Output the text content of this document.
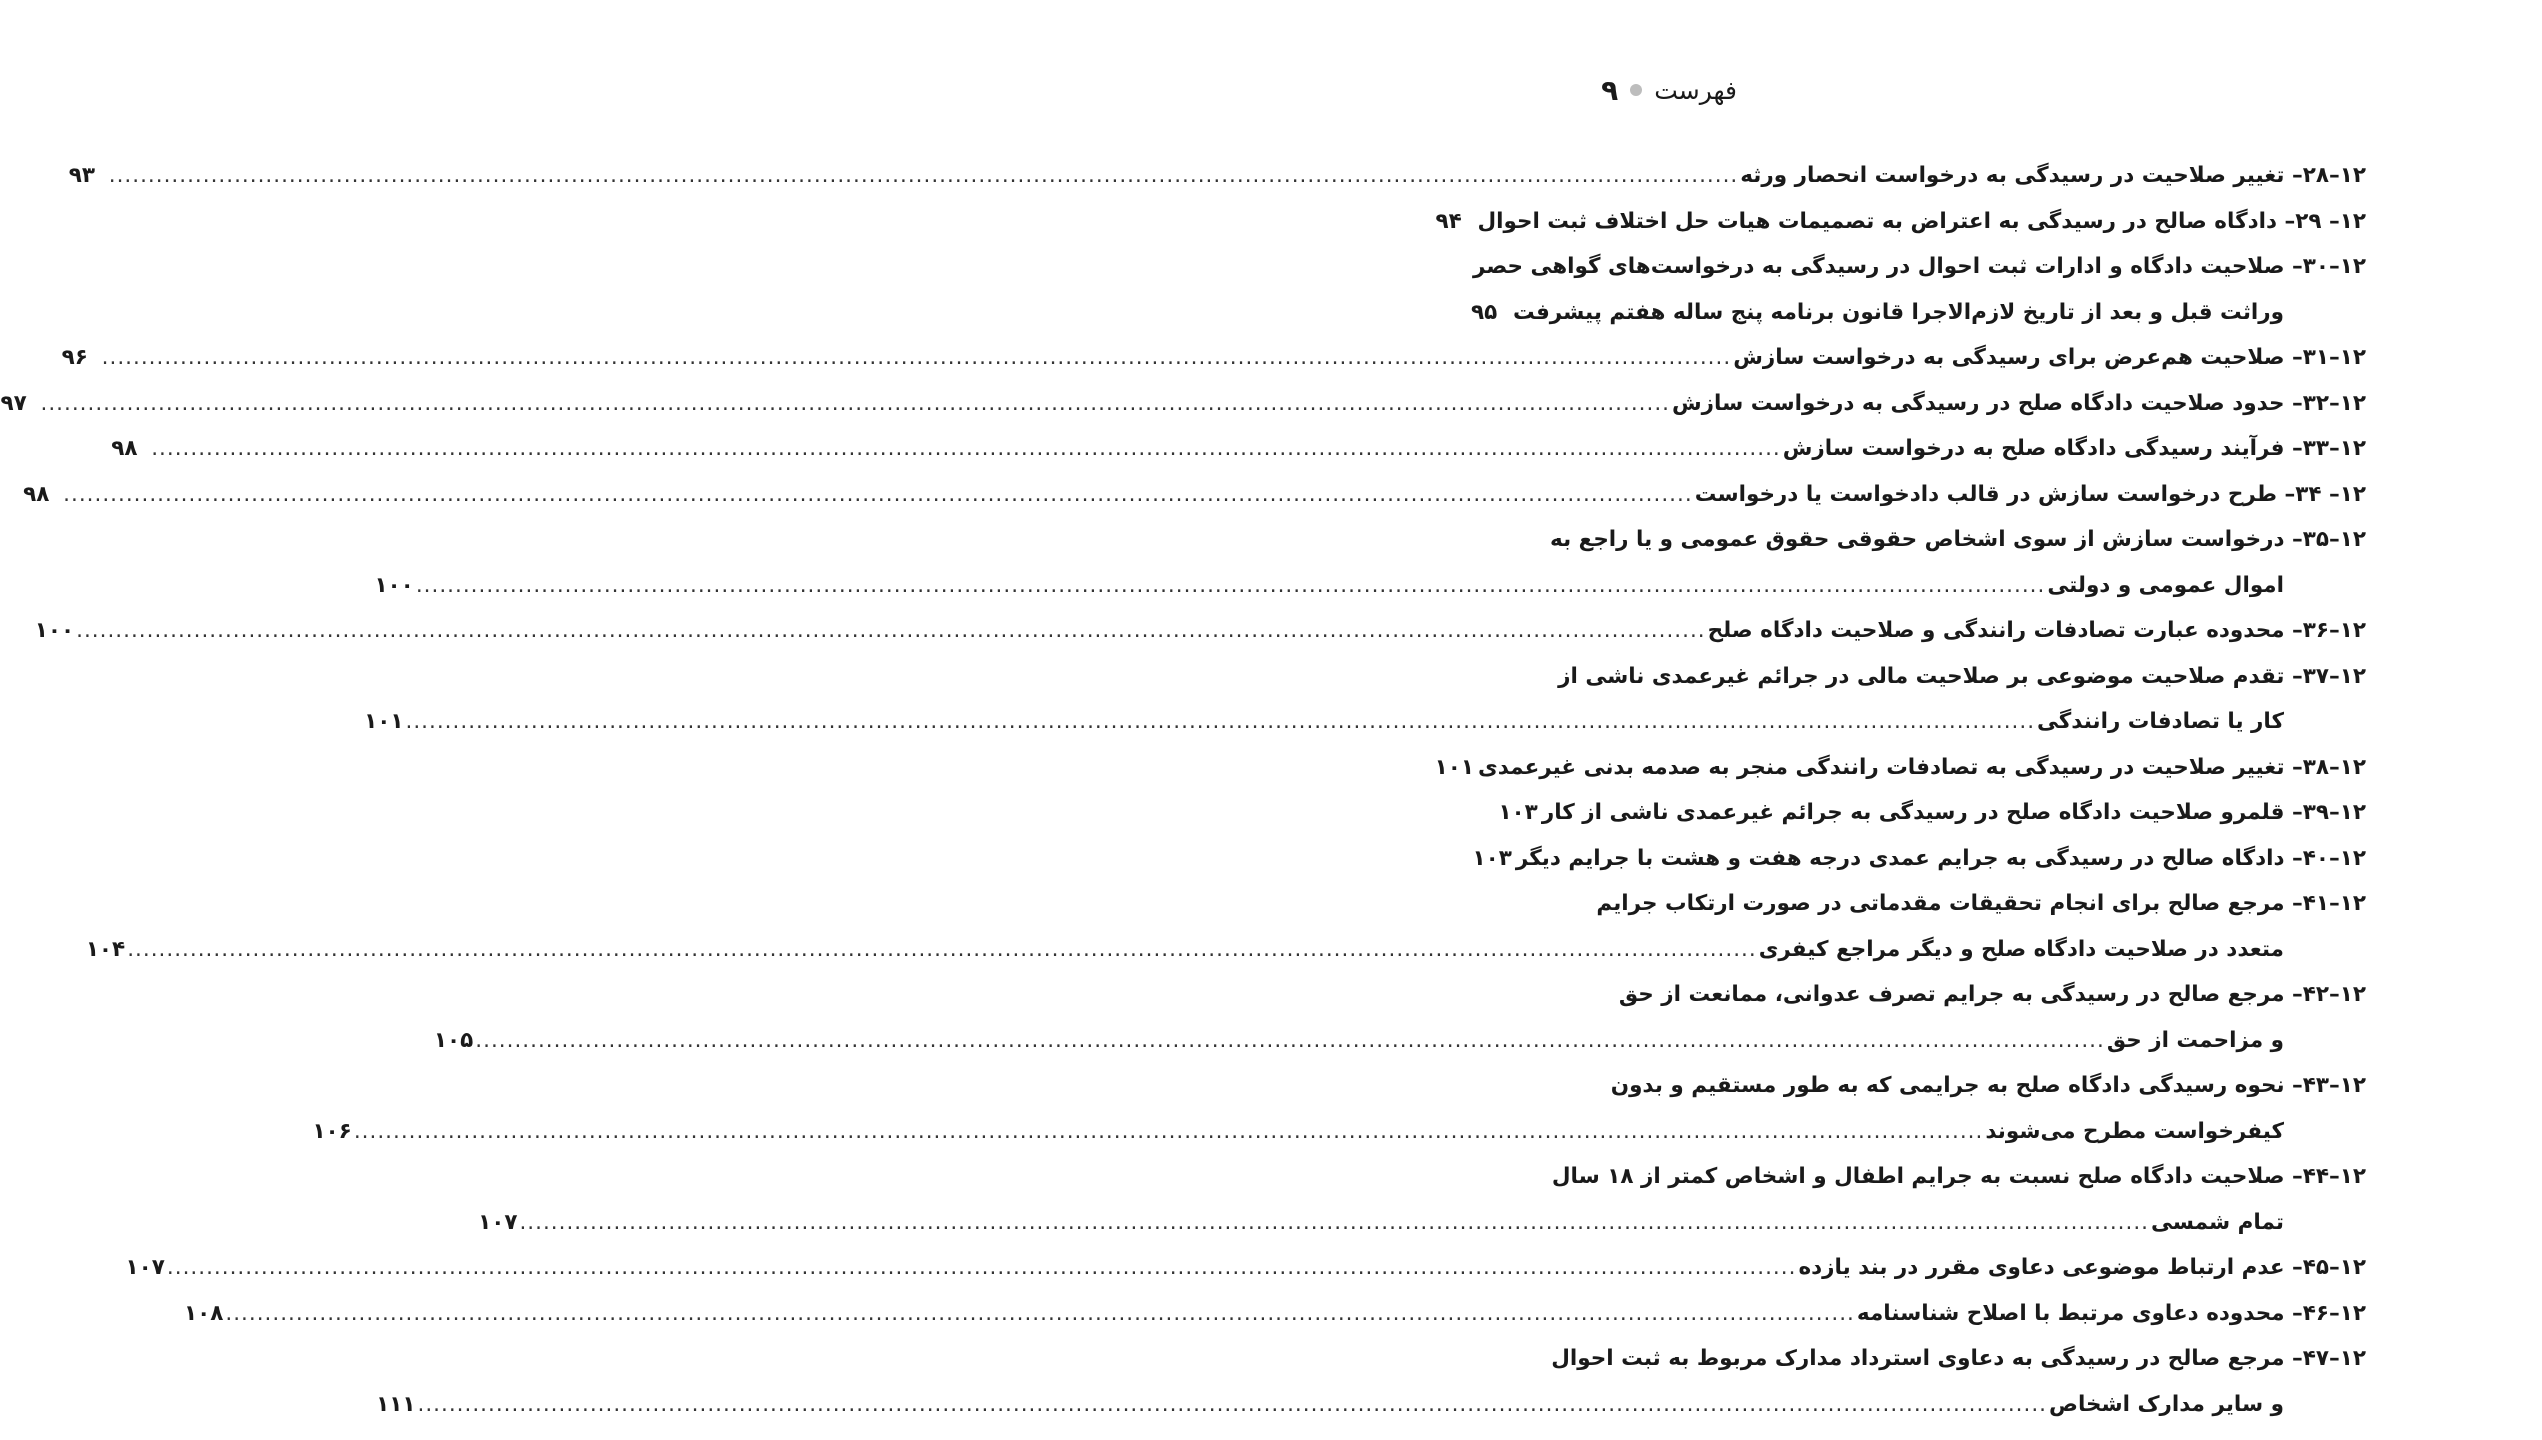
فهرست
۹
۱۲–۲۸– تغییر صلاحیت در رسیدگی به درخواست انحصار ورثه
.....
۹۳
۱۲– ۲۹– دادگاه صالح در رسیدگی به اعتراض به تصمیمات هیات حل اختلاف ثبت احوال
۹۴
۱۲–۳۰– صلاحیت دادگاه و ادارات ثبت احوال در رسیدگی به درخواست‌های گواهی حصر
وراثت قبل و بعد از تاریخ لازم‌الاجرا قانون برنامه پنج ساله هفتم پیشرفت
۹۵
۱۲–۳۱– صلاحیت هم‌عرض برای رسیدگی به درخواست سازش
.....
۹۶
۱۲–۳۲– حدود صلاحیت دادگاه صلح در رسیدگی به درخواست سازش
.....
۹۷
۱۲–۳۳– فرآیند رسیدگی دادگاه صلح به درخواست سازش
.....
۹۸
۱۲– ۳۴– طرح درخواست سازش در قالب دادخواست یا درخواست
.....
۹۸
۱۲–۳۵– درخواست سازش از سوی اشخاص حقوقی حقوق عمومی و یا راجع به
اموال عمومی و دولتی
.....
۱۰۰
۱۲–۳۶– محدوده عبارت تصادفات رانندگی و صلاحیت دادگاه صلح
.....
۱۰۰
۱۲–۳۷– تقدم صلاحیت موضوعی بر صلاحیت مالی در جرائم غیرعمدی ناشی از
کار یا تصادفات رانندگی
.....
۱۰۱
۱۲–۳۸– تغییر صلاحیت در رسیدگی به تصادفات رانندگی منجر به صدمه بدنی غیرعمدی
۱۰۱
۱۲–۳۹– قلمرو صلاحیت دادگاه صلح در رسیدگی به جرائم غیرعمدی ناشی از کار
۱۰۳
۱۲–۴۰– دادگاه صالح در رسیدگی به جرایم عمدی درجه هفت و هشت با جرایم دیگر
۱۰۳
۱۲–۴۱– مرجع صالح برای انجام تحقیقات مقدماتی در صورت ارتکاب جرایم
متعدد در صلاحیت دادگاه صلح و دیگر مراجع کیفری
.....
۱۰۴
۱۲–۴۲– مرجع صالح در رسیدگی به جرایم تصرف عدوانی، ممانعت از حق
و مزاحمت از حق
.....
۱۰۵
۱۲–۴۳– نحوه رسیدگی دادگاه صلح به جرایمی که به طور مستقیم و بدون
کیفرخواست مطرح می‌شوند
.....
۱۰۶
۱۲–۴۴– صلاحیت دادگاه صلح نسبت به جرایم اطفال و اشخاص کمتر از ۱۸ سال
تمام شمسی
.....
۱۰۷
۱۲–۴۵– عدم ارتباط موضوعی دعاوی مقرر در بند یازده
.....
۱۰۷
۱۲–۴۶– محدوده دعاوی مرتبط با اصلاح شناسنامه
.....
۱۰۸
۱۲–۴۷– مرجع صالح در رسیدگی به دعاوی استرداد مدارک مربوط به ثبت احوال
و سایر مدارک اشخاص
.....
۱۱۱
